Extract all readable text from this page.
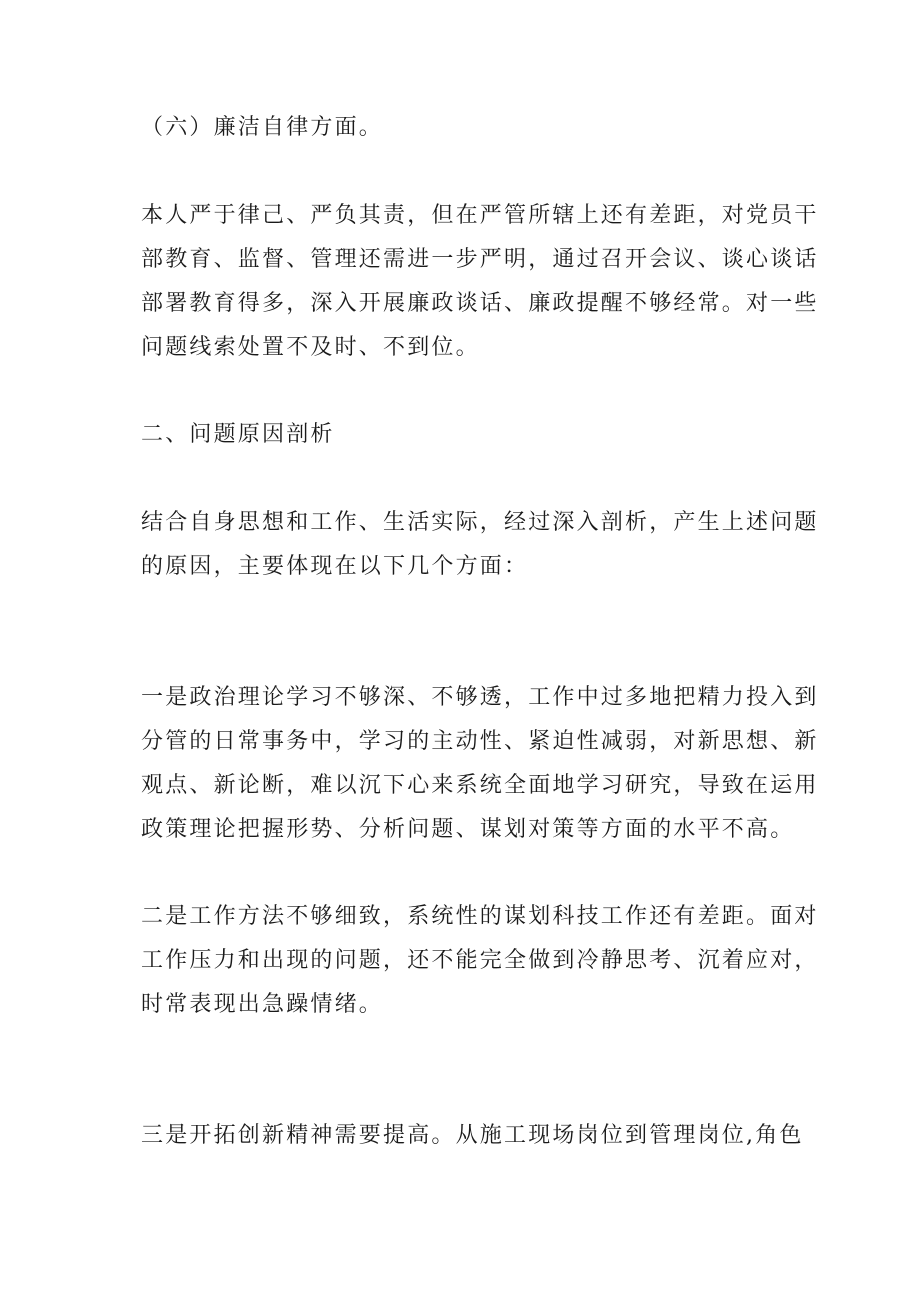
（六）廉洁自律方面。
本人严于律己、严负其责，但在严管所辖上还有差距，对党员干
部教育、监督、管理还需进一步严明，通过召开会议、谈心谈话
部署教育得多，深入开展廉政谈话、廉政提醒不够经常。对一些
问题线索处置不及时、不到位。
二、问题原因剖析
结合自身思想和工作、生活实际，经过深入剖析，产生上述问题
的原因，主要体现在以下几个方面：
一是政治理论学习不够深、不够透，工作中过多地把精力投入到
分管的日常事务中，学习的主动性、紧迫性减弱，对新思想、新
观点、新论断，难以沉下心来系统全面地学习研究，导致在运用
政策理论把握形势、分析问题、谋划对策等方面的水平不高。
二是工作方法不够细致，系统性的谋划科技工作还有差距。面对
工作压力和出现的问题，还不能完全做到冷静思考、沉着应对，
时常表现出急躁情绪。
三是开拓创新精神需要提高。从施工现场岗位到管理岗位,角色
